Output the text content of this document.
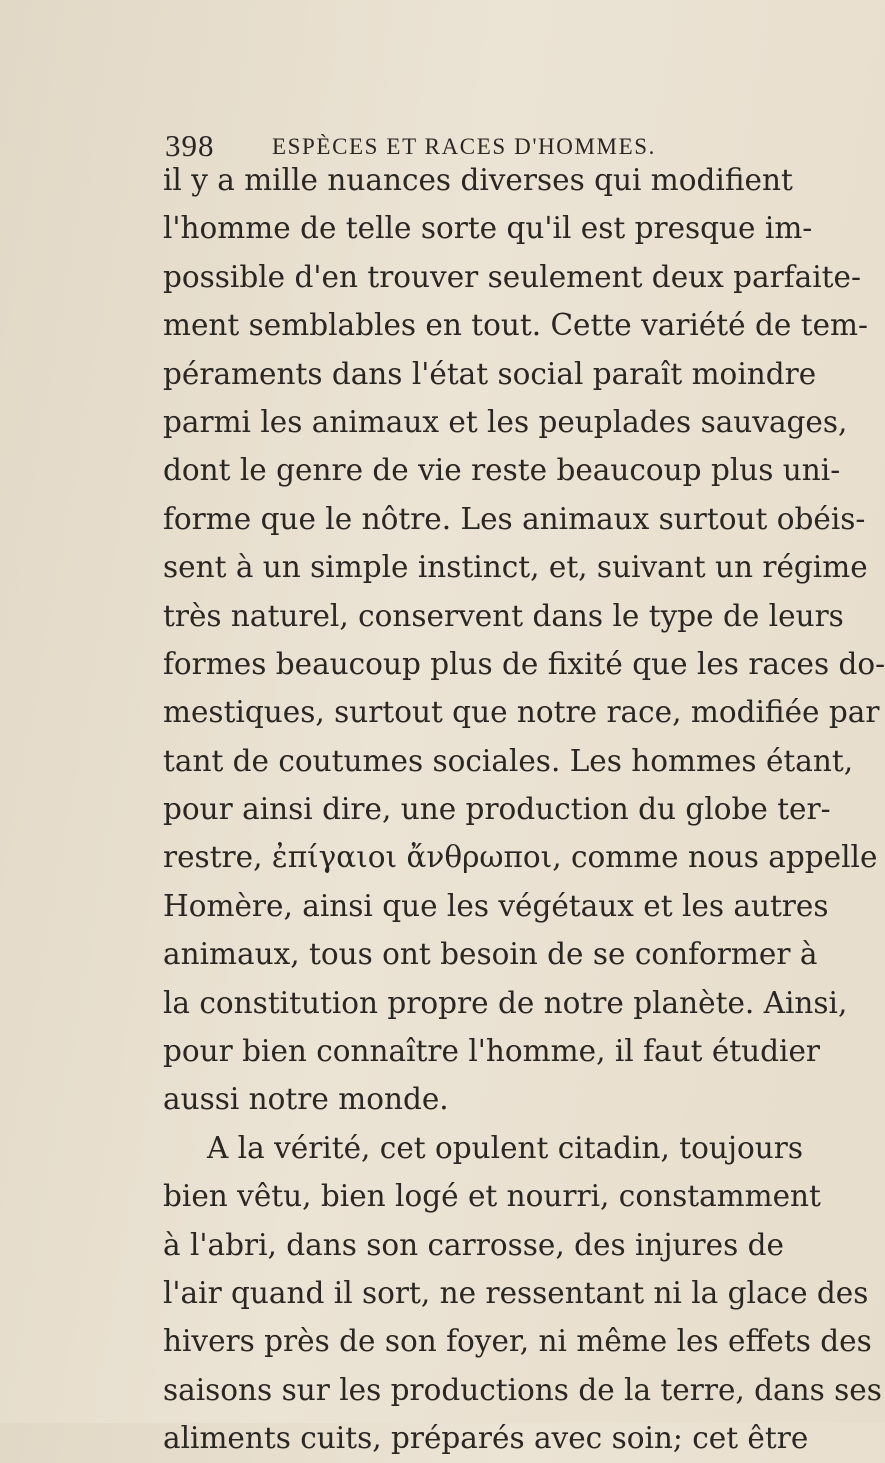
398	ESPÈCES ET RACES D'HOMMES.
il y a mille nuances diverses qui modifient
l'homme de telle sorte qu'il est presque im-
possible d'en trouver seulement deux parfaite-
ment semblables en tout. Cette variété de tem-
péraments dans l'état social paraît moindre
parmi les animaux et les peuplades sauvages,
dont le genre de vie reste beaucoup plus uni-
forme que le nôtre. Les animaux surtout obéis-
sent à un simple instinct, et, suivant un régime
très naturel, conservent dans le type de leurs
formes beaucoup plus de fixité que les races do-
mestiques, surtout que notre race, modifiée par
tant de coutumes sociales. Les hommes étant,
pour ainsi dire, une production du globe ter-
restre, ἐπίγαιοι ἄνθρωποι, comme nous appelle
Homère, ainsi que les végétaux et les autres
animaux, tous ont besoin de se conformer à
la constitution propre de notre planète. Ainsi,
pour bien connaître l'homme, il faut étudier
aussi notre monde.
A la vérité, cet opulent citadin, toujours
bien vêtu, bien logé et nourri, constamment
à l'abri, dans son carrosse, des injures de
l'air quand il sort, ne ressentant ni la glace des
hivers près de son foyer, ni même les effets des
saisons sur les productions de la terre, dans ses
aliments cuits, préparés avec soin; cet être
